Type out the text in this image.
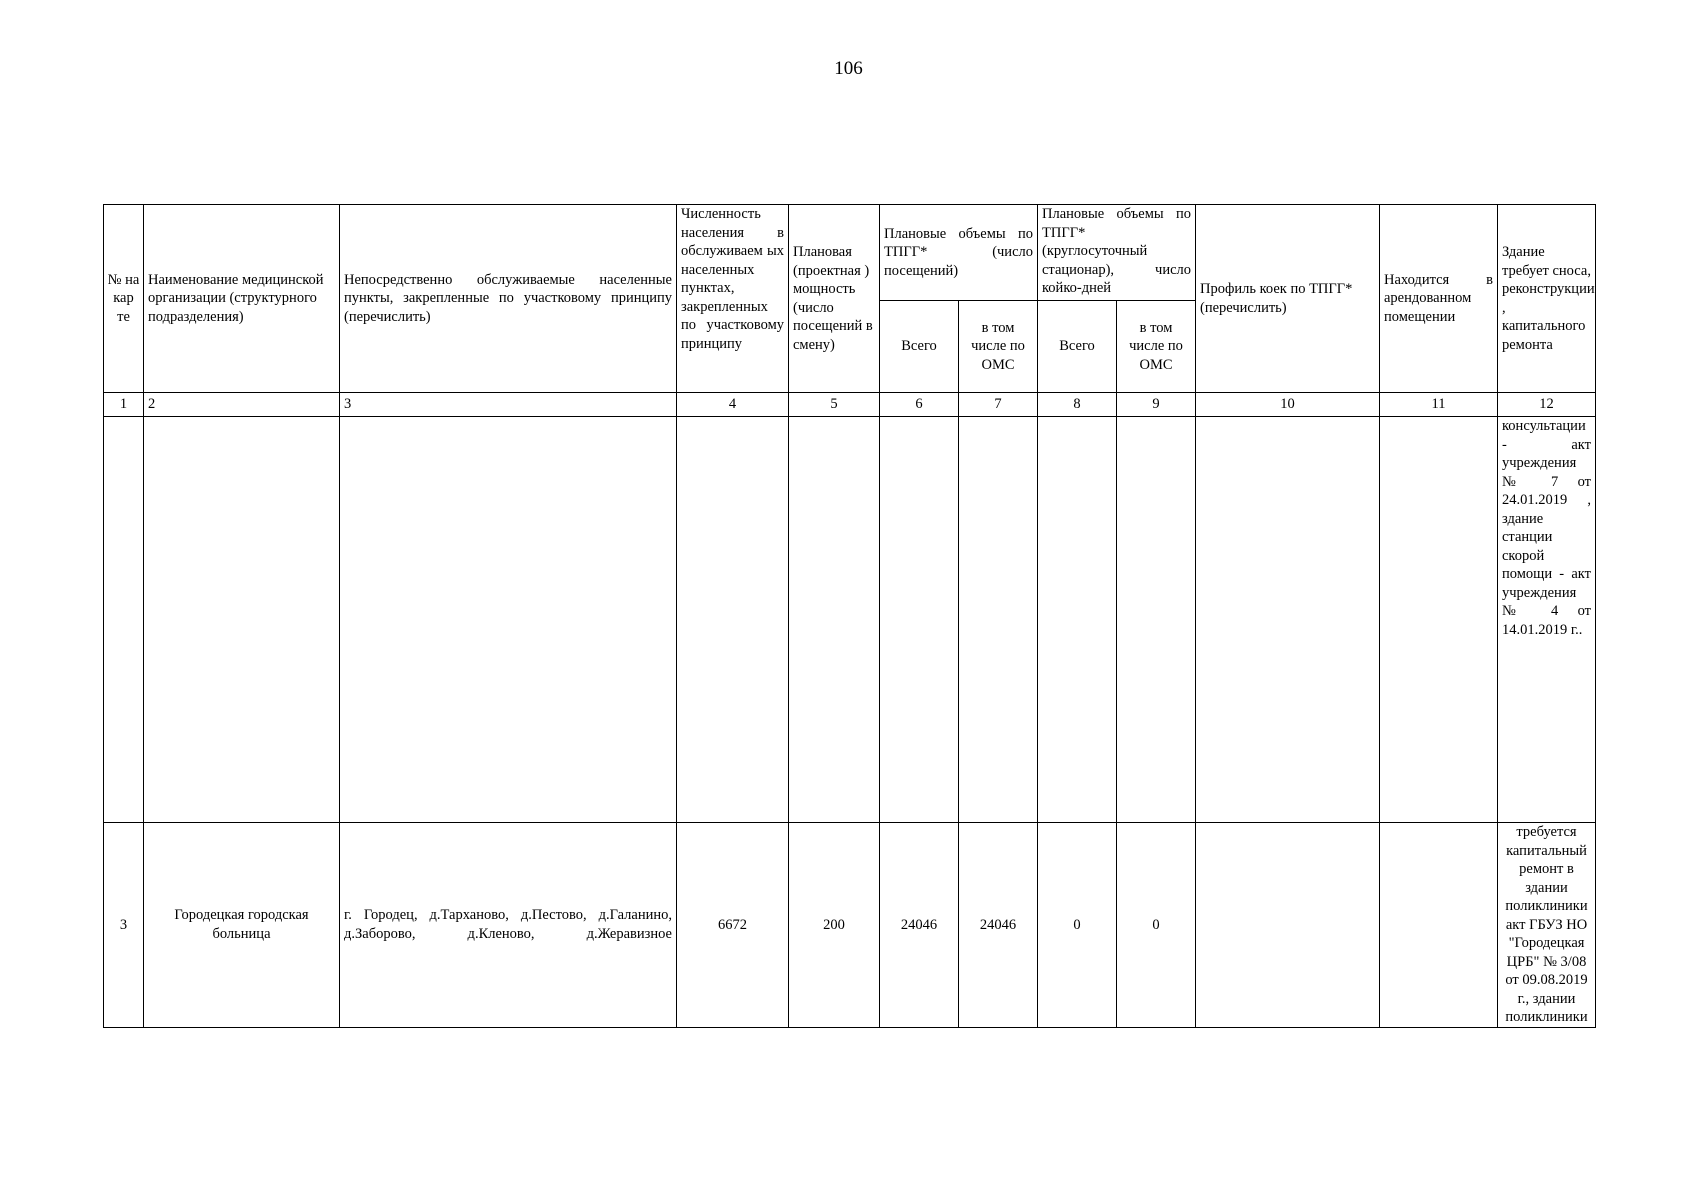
106
№ на кар те	Наименование медицинской организации (структурного подразделения)	Непосредственно обслуживаемые населенные пункты, закрепленные по участковому принципу (перечислить)	Численность населения в обслуживаем ых населенных пунктах, закрепленных по участковому принципу	Плановая (проектная ) мощность (число посещений в смену)	Плановые объемы по ТПГГ* (число посещений)		Плановые объемы по ТПГГ* (круглосуточный стационар), число койко-дней		Профиль коек по ТПГГ* (перечислить)	Находится в арендованном помещении	Здание требует сноса, реконструкции , капитального ремонта
					Всего	в том числе по ОМС	Всего	в том числе по ОМС			
1	2	3	4	5	6	7	8	9	10	11	12
											консультации - акт учреждения № 7 от 24.01.2019 , здание станции скорой помощи - акт учреждения № 4 от 14.01.2019 г..
3	Городецкая городская больница	г. Городец, д.Тарханово, д.Пестово, д.Галанино, д.Заборово, д.Кленово, д.Жеравизное	6672	200	24046	24046	0	0			требуется капитальный ремонт в здании поликлиники акт ГБУЗ НО "Городецкая ЦРБ" № 3/08 от 09.08.2019 г., здании поликлиники
